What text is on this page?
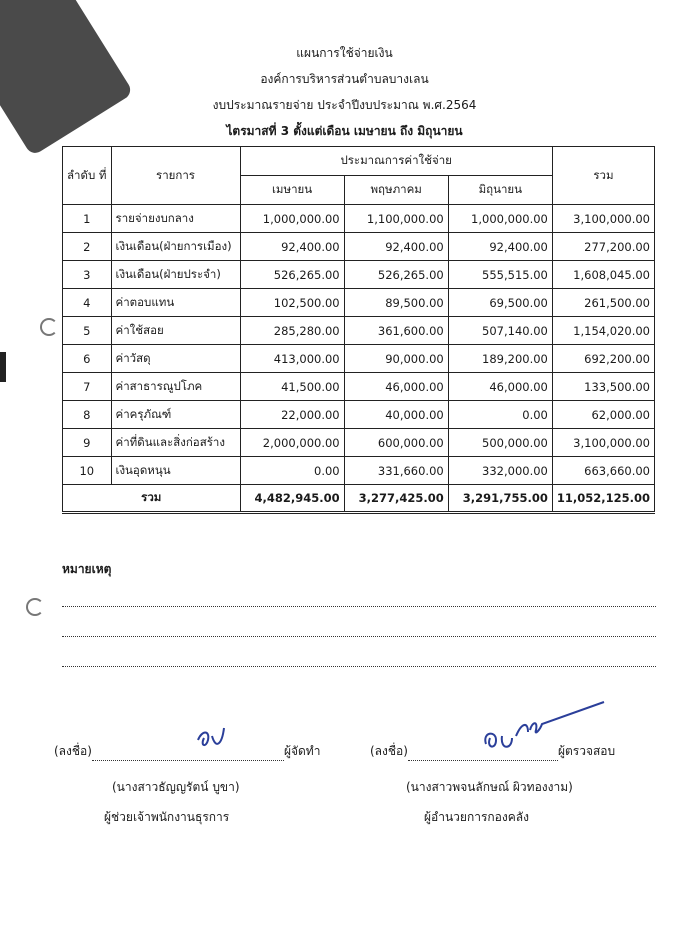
แผนการใช้จ่ายเงิน
องค์การบริหารส่วนตำบลบางเลน
งบประมาณรายจ่าย ประจำปีงบประมาณ พ.ศ.2564
ไตรมาสที่ 3 ตั้งแต่เดือน เมษายน ถึง มิถุนายน
ลำดับ ที่	รายการ	ประมาณการค่าใช้จ่าย			รวม
		เมษายน	พฤษภาคม	มิถุนายน	
1	รายจ่ายงบกลาง	1,000,000.00	1,100,000.00	1,000,000.00	3,100,000.00
2	เงินเดือน(ฝ่ายการเมือง)	92,400.00	92,400.00	92,400.00	277,200.00
3	เงินเดือน(ฝ่ายประจำ)	526,265.00	526,265.00	555,515.00	1,608,045.00
4	ค่าตอบแทน	102,500.00	89,500.00	69,500.00	261,500.00
5	ค่าใช้สอย	285,280.00	361,600.00	507,140.00	1,154,020.00
6	ค่าวัสดุ	413,000.00	90,000.00	189,200.00	692,200.00
7	ค่าสาธารณูปโภค	41,500.00	46,000.00	46,000.00	133,500.00
8	ค่าครุภัณฑ์	22,000.00	40,000.00	0.00	62,000.00
9	ค่าที่ดินและสิ่งก่อสร้าง	2,000,000.00	600,000.00	500,000.00	3,100,000.00
10	เงินอุดหนุน	0.00	331,660.00	332,000.00	663,660.00
รวม		4,482,945.00	3,277,425.00	3,291,755.00	11,052,125.00
หมายเหตุ
(ลงชื่อ)	ผู้จัดทำ
(นางสาวธัญญรัตน์ บูขา)
ผู้ช่วยเจ้าพนักงานธุรการ
(ลงชื่อ)	ผู้ตรวจสอบ
(นางสาวพจนลักษณ์ ผิวทองงาม)
ผู้อำนวยการกองคลัง
